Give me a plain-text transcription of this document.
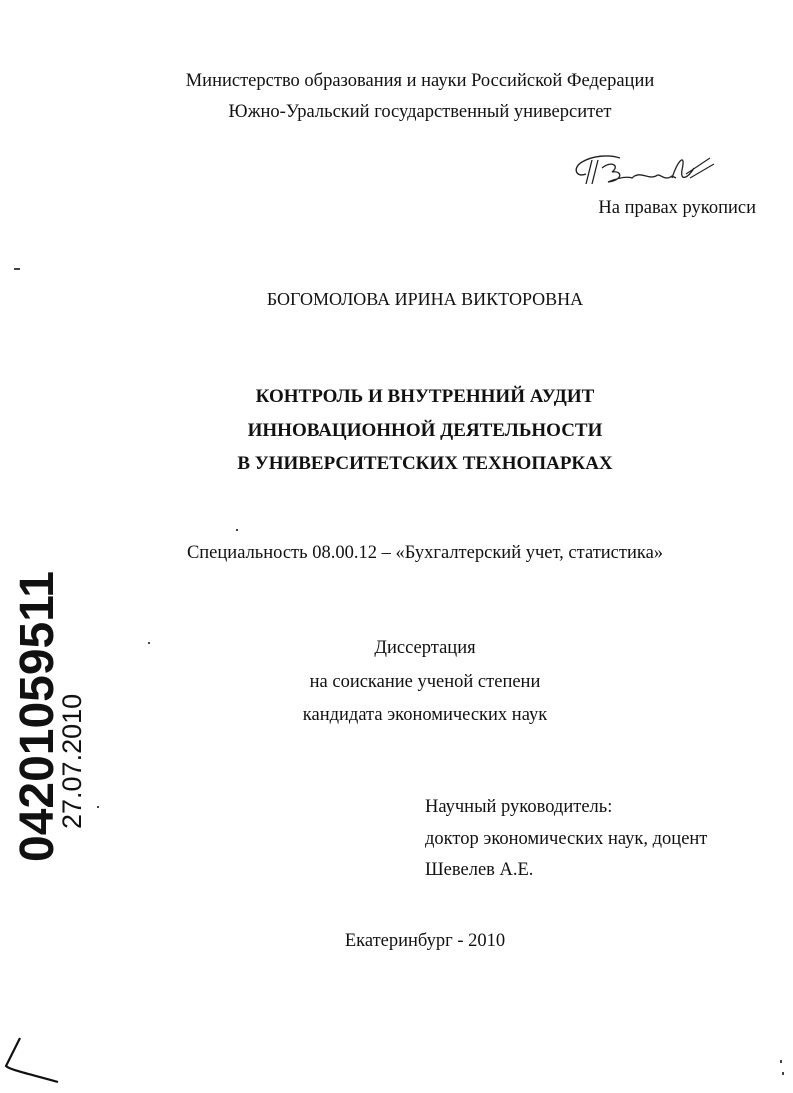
Министерство образования и науки Российской Федерации
Южно-Уральский государственный университет
На правах рукописи
БОГОМОЛОВА ИРИНА ВИКТОРОВНА
КОНТРОЛЬ И ВНУТРЕННИЙ АУДИТ
ИННОВАЦИОННОЙ ДЕЯТЕЛЬНОСТИ
В УНИВЕРСИТЕТСКИХ ТЕХНОПАРКАХ
Специальность 08.00.12 – «Бухгалтерский учет, статистика»
Диссертация
на соискание ученой степени
кандидата экономических наук
Научный руководитель:
доктор экономических наук, доцент
Шевелев А.Е.
Екатеринбург - 2010
04201059511
27.07.2010
